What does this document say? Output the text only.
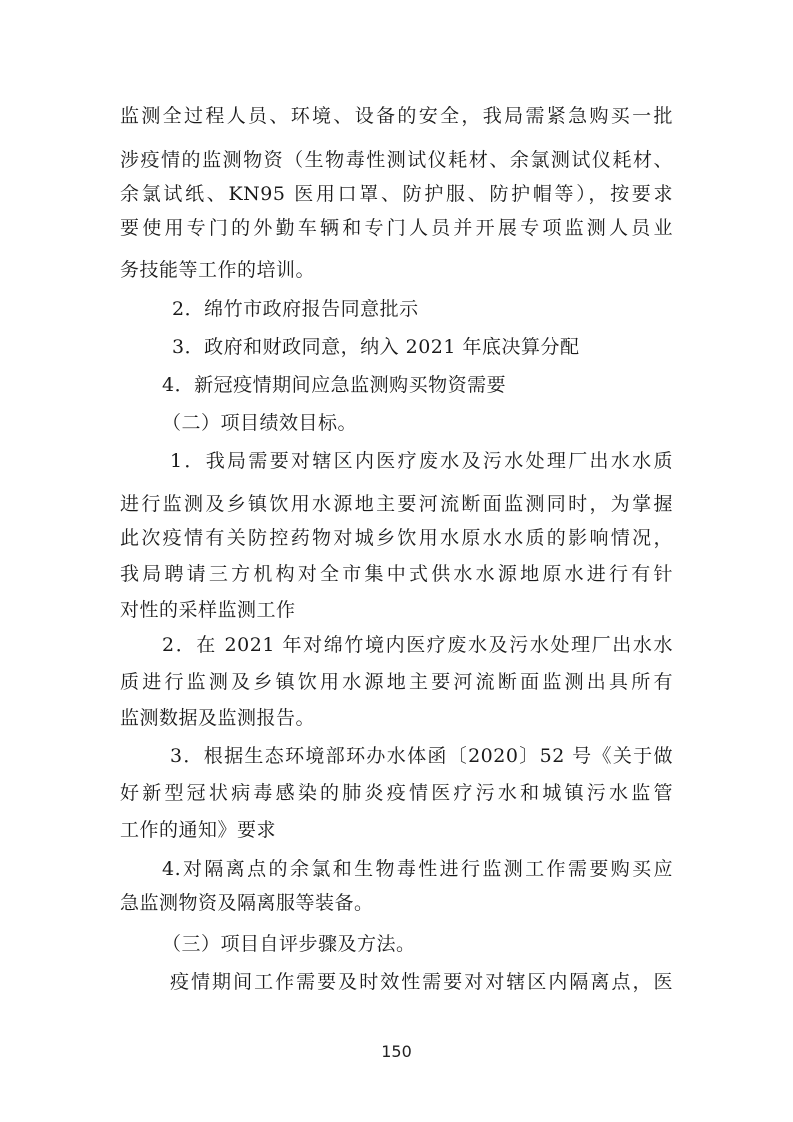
监测全过程人员、环境、设备的安全，我局需紧急购买一批
涉疫情的监测物资（生物毒性测试仪耗材、余氯测试仪耗材、
余氯试纸、KN95 医用口罩、防护服、防护帽等），按要求
要使用专门的外勤车辆和专门人员并开展专项监测人员业
务技能等工作的培训。
2．绵竹市政府报告同意批示
3．政府和财政同意，纳入 2021 年底决算分配
4．新冠疫情期间应急监测购买物资需要
（二）项目绩效目标。
1．我局需要对辖区内医疗废水及污水处理厂出水水质
进行监测及乡镇饮用水源地主要河流断面监测同时，为掌握
此次疫情有关防控药物对城乡饮用水原水水质的影响情况，
我局聘请三方机构对全市集中式供水水源地原水进行有针
对性的采样监测工作
2．在 2021 年对绵竹境内医疗废水及污水处理厂出水水
质进行监测及乡镇饮用水源地主要河流断面监测出具所有
监测数据及监测报告。
3．根据生态环境部环办水体函〔2020〕52 号《关于做
好新型冠状病毒感染的肺炎疫情医疗污水和城镇污水监管
工作的通知》要求
4.对隔离点的余氯和生物毒性进行监测工作需要购买应
急监测物资及隔离服等装备。
（三）项目自评步骤及方法。
疫情期间工作需要及时效性需要对对辖区内隔离点，医
150
